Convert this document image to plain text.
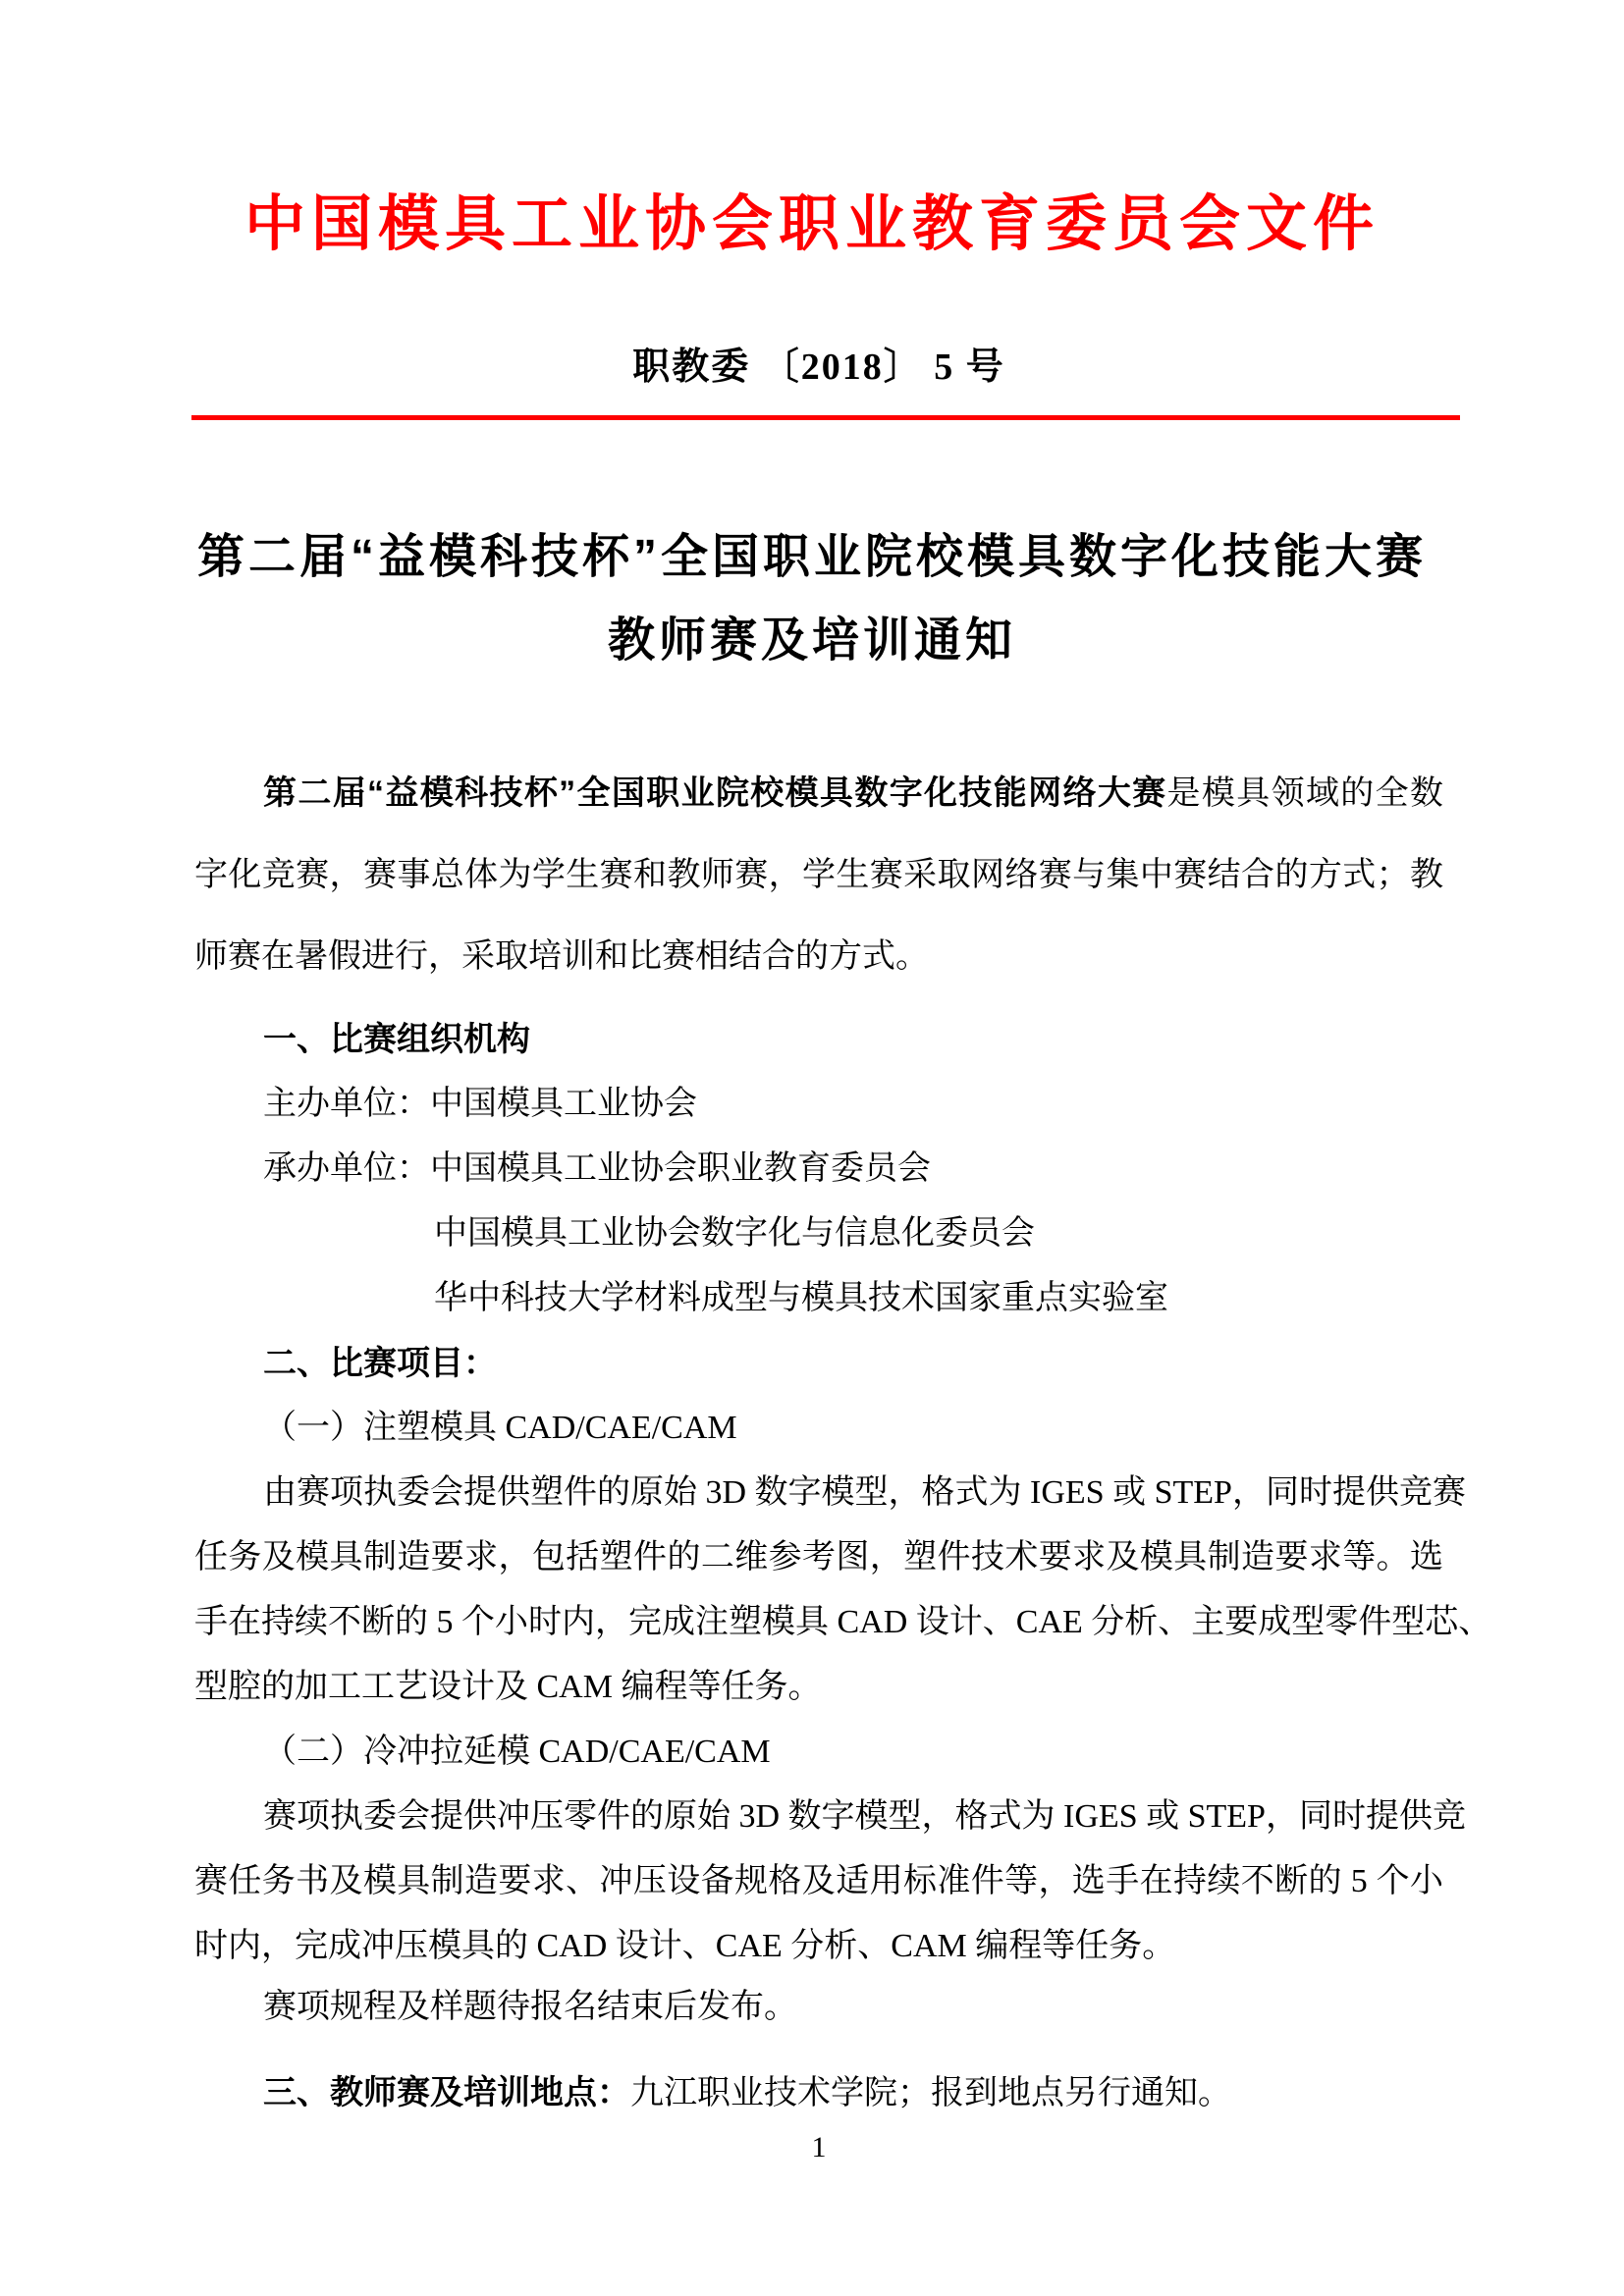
中国模具工业协会职业教育委员会文件
职教委 〔2018〕 5 号
第二届“益模科技杯”全国职业院校模具数字化技能大赛
教师赛及培训通知
第二届“益模科技杯”全国职业院校模具数字化技能网络大赛是模具领域的全数
字化竞赛，赛事总体为学生赛和教师赛，学生赛采取网络赛与集中赛结合的方式；教
师赛在暑假进行，采取培训和比赛相结合的方式。
一、比赛组织机构
主办单位：中国模具工业协会
承办单位：中国模具工业协会职业教育委员会
中国模具工业协会数字化与信息化委员会
华中科技大学材料成型与模具技术国家重点实验室
二、比赛项目：
（一）注塑模具 CAD/CAE/CAM
由赛项执委会提供塑件的原始 3D 数字模型，格式为 IGES 或 STEP，同时提供竞赛
任务及模具制造要求，包括塑件的二维参考图，塑件技术要求及模具制造要求等。选
手在持续不断的 5 个小时内，完成注塑模具 CAD 设计、CAE 分析、主要成型零件型芯、
型腔的加工工艺设计及 CAM 编程等任务。
（二）冷冲拉延模 CAD/CAE/CAM
赛项执委会提供冲压零件的原始 3D 数字模型，格式为 IGES 或 STEP，同时提供竞
赛任务书及模具制造要求、冲压设备规格及适用标准件等，选手在持续不断的 5 个小
时内，完成冲压模具的 CAD 设计、CAE 分析、CAM 编程等任务。
赛项规程及样题待报名结束后发布。
三、教师赛及培训地点：九江职业技术学院；报到地点另行通知。
1
